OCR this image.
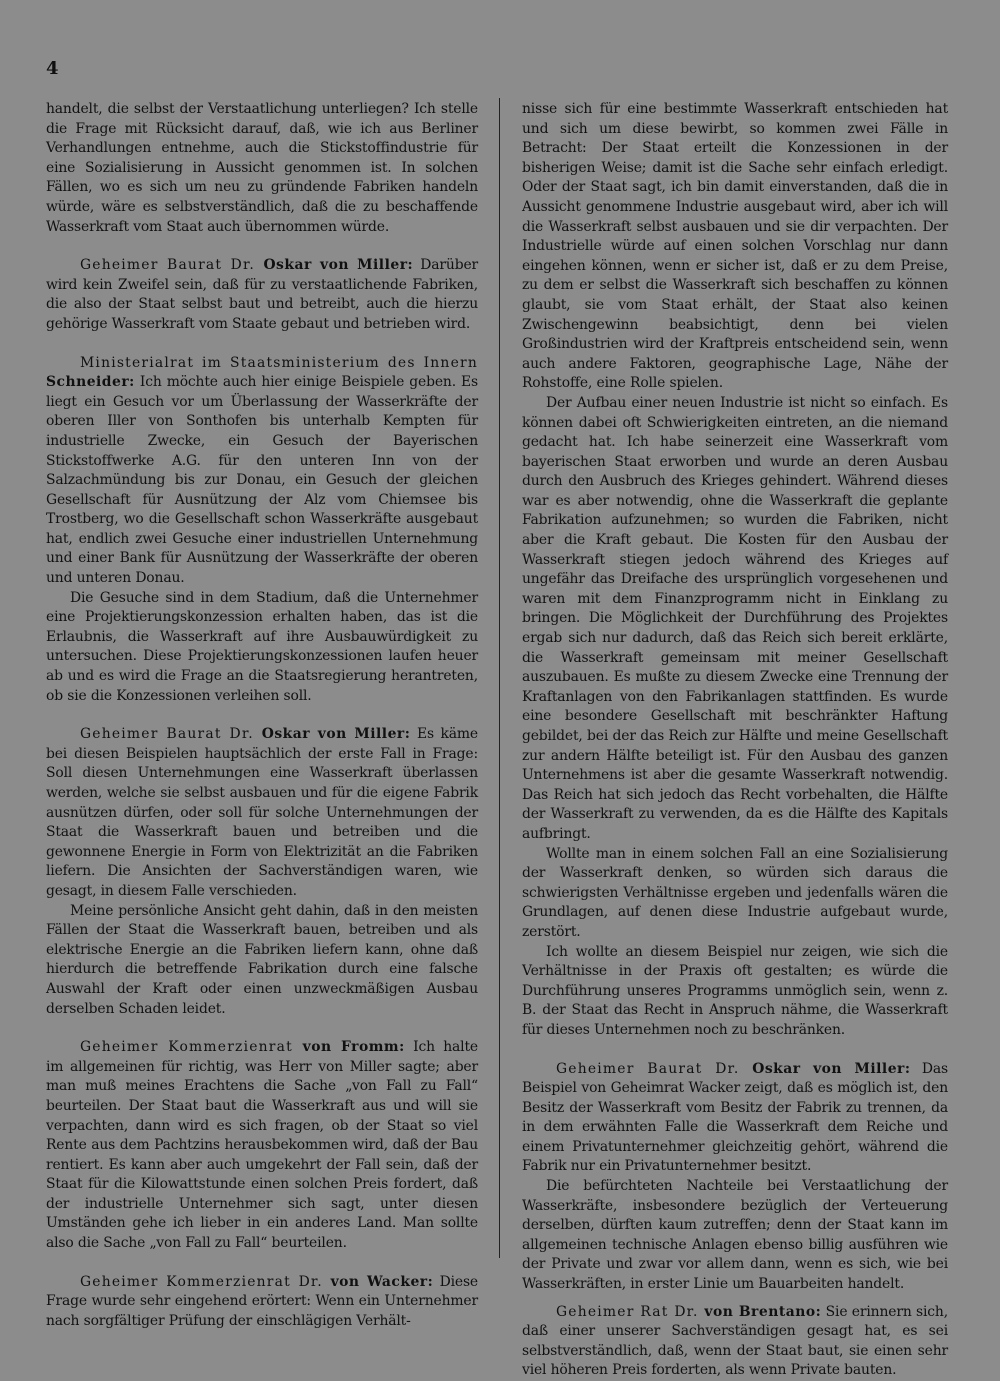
4

handelt, die selbst der Verstaatlichung unterliegen? Ich stelle die Frage mit Rücksicht darauf, daß, wie ich aus Berliner Verhandlungen entnehme, auch die Stickstoffindustrie für eine Sozialisierung in Aussicht genommen ist. In solchen Fällen, wo es sich um neu zu gründende Fabriken handeln würde, wäre es selbstverständlich, daß die zu beschaffende Wasserkraft vom Staat auch übernommen würde.

Geheimer Baurat Dr. Oskar von Miller: Darüber wird kein Zweifel sein, daß für zu verstaatlichende Fabriken, die also der Staat selbst baut und betreibt, auch die hierzu gehörige Wasserkraft vom Staate gebaut und betrieben wird.

Ministerialrat im Staatsministerium des Innern Schneider: Ich möchte auch hier einige Beispiele geben. Es liegt ein Gesuch vor um Überlassung der Wasserkräfte der oberen Iller von Sonthofen bis unterhalb Kempten für industrielle Zwecke, ein Gesuch der Bayerischen Stickstoffwerke A.G. für den unteren Inn von der Salzachmündung bis zur Donau, ein Gesuch der gleichen Gesellschaft für Ausnützung der Alz vom Chiemsee bis Trostberg, wo die Gesellschaft schon Wasserkräfte ausgebaut hat, endlich zwei Gesuche einer industriellen Unternehmung und einer Bank für Ausnützung der Wasserkräfte der oberen und unteren Donau.

Die Gesuche sind in dem Stadium, daß die Unternehmer eine Projektierungskonzession erhalten haben, das ist die Erlaubnis, die Wasserkraft auf ihre Ausbauwürdigkeit zu untersuchen. Diese Projektierungskonzessionen laufen heuer ab und es wird die Frage an die Staatsregierung herantreten, ob sie die Konzessionen verleihen soll.

Geheimer Baurat Dr. Oskar von Miller: Es käme bei diesen Beispielen hauptsächlich der erste Fall in Frage: Soll diesen Unternehmungen eine Wasserkraft überlassen werden, welche sie selbst ausbauen und für die eigene Fabrik ausnützen dürfen, oder soll für solche Unternehmungen der Staat die Wasserkraft bauen und betreiben und die gewonnene Energie in Form von Elektrizität an die Fabriken liefern. Die Ansichten der Sachverständigen waren, wie gesagt, in diesem Falle verschieden.

Meine persönliche Ansicht geht dahin, daß in den meisten Fällen der Staat die Wasserkraft bauen, betreiben und als elektrische Energie an die Fabriken liefern kann, ohne daß hierdurch die betreffende Fabrikation durch eine falsche Auswahl der Kraft oder einen unzweckmäßigen Ausbau derselben Schaden leidet.

Geheimer Kommerzienrat von Fromm: Ich halte im allgemeinen für richtig, was Herr von Miller sagte; aber man muß meines Erachtens die Sache „von Fall zu Fall“ beurteilen. Der Staat baut die Wasserkraft aus und will sie verpachten, dann wird es sich fragen, ob der Staat so viel Rente aus dem Pachtzins herausbekommen wird, daß der Bau rentiert. Es kann aber auch umgekehrt der Fall sein, daß der Staat für die Kilowattstunde einen solchen Preis fordert, daß der industrielle Unternehmer sich sagt, unter diesen Umständen gehe ich lieber in ein anderes Land. Man sollte also die Sache „von Fall zu Fall“ beurteilen.

Geheimer Kommerzienrat Dr. von Wacker: Diese Frage wurde sehr eingehend erörtert: Wenn ein Unternehmer nach sorgfältiger Prüfung der einschlägigen Verhält-

nisse sich für eine bestimmte Wasserkraft entschieden hat und sich um diese bewirbt, so kommen zwei Fälle in Betracht: Der Staat erteilt die Konzessionen in der bisherigen Weise; damit ist die Sache sehr einfach erledigt. Oder der Staat sagt, ich bin damit einverstanden, daß die in Aussicht genommene Industrie ausgebaut wird, aber ich will die Wasserkraft selbst ausbauen und sie dir verpachten. Der Industrielle würde auf einen solchen Vorschlag nur dann eingehen können, wenn er sicher ist, daß er zu dem Preise, zu dem er selbst die Wasserkraft sich beschaffen zu können glaubt, sie vom Staat erhält, der Staat also keinen Zwischengewinn beabsichtigt, denn bei vielen Großindustrien wird der Kraftpreis entscheidend sein, wenn auch andere Faktoren, geographische Lage, Nähe der Rohstoffe, eine Rolle spielen.

Der Aufbau einer neuen Industrie ist nicht so einfach. Es können dabei oft Schwierigkeiten eintreten, an die niemand gedacht hat. Ich habe seinerzeit eine Wasserkraft vom bayerischen Staat erworben und wurde an deren Ausbau durch den Ausbruch des Krieges gehindert. Während dieses war es aber notwendig, ohne die Wasserkraft die geplante Fabrikation aufzunehmen; so wurden die Fabriken, nicht aber die Kraft gebaut. Die Kosten für den Ausbau der Wasserkraft stiegen jedoch während des Krieges auf ungefähr das Dreifache des ursprünglich vorgesehenen und waren mit dem Finanzprogramm nicht in Einklang zu bringen. Die Möglichkeit der Durchführung des Projektes ergab sich nur dadurch, daß das Reich sich bereit erklärte, die Wasserkraft gemeinsam mit meiner Gesellschaft auszubauen. Es mußte zu diesem Zwecke eine Trennung der Kraftanlagen von den Fabrikanlagen stattfinden. Es wurde eine besondere Gesellschaft mit beschränkter Haftung gebildet, bei der das Reich zur Hälfte und meine Gesellschaft zur andern Hälfte beteiligt ist. Für den Ausbau des ganzen Unternehmens ist aber die gesamte Wasserkraft notwendig. Das Reich hat sich jedoch das Recht vorbehalten, die Hälfte der Wasserkraft zu verwenden, da es die Hälfte des Kapitals aufbringt.

Wollte man in einem solchen Fall an eine Sozialisierung der Wasserkraft denken, so würden sich daraus die schwierigsten Verhältnisse ergeben und jedenfalls wären die Grundlagen, auf denen diese Industrie aufgebaut wurde, zerstört.

Ich wollte an diesem Beispiel nur zeigen, wie sich die Verhältnisse in der Praxis oft gestalten; es würde die Durchführung unseres Programms unmöglich sein, wenn z. B. der Staat das Recht in Anspruch nähme, die Wasserkraft für dieses Unternehmen noch zu beschränken.

Geheimer Baurat Dr. Oskar von Miller: Das Beispiel von Geheimrat Wacker zeigt, daß es möglich ist, den Besitz der Wasserkraft vom Besitz der Fabrik zu trennen, da in dem erwähnten Falle die Wasserkraft dem Reiche und einem Privatunternehmer gleichzeitig gehört, während die Fabrik nur ein Privatunternehmer besitzt.

Die befürchteten Nachteile bei Verstaatlichung der Wasserkräfte, insbesondere bezüglich der Verteuerung derselben, dürften kaum zutreffen; denn der Staat kann im allgemeinen technische Anlagen ebenso billig ausführen wie der Private und zwar vor allem dann, wenn es sich, wie bei Wasserkräften, in erster Linie um Bauarbeiten handelt.

Geheimer Rat Dr. von Brentano: Sie erinnern sich, daß einer unserer Sachverständigen gesagt hat, es sei selbstverständlich, daß, wenn der Staat baut, sie einen sehr viel höheren Preis forderten, als wenn Private bauten.
